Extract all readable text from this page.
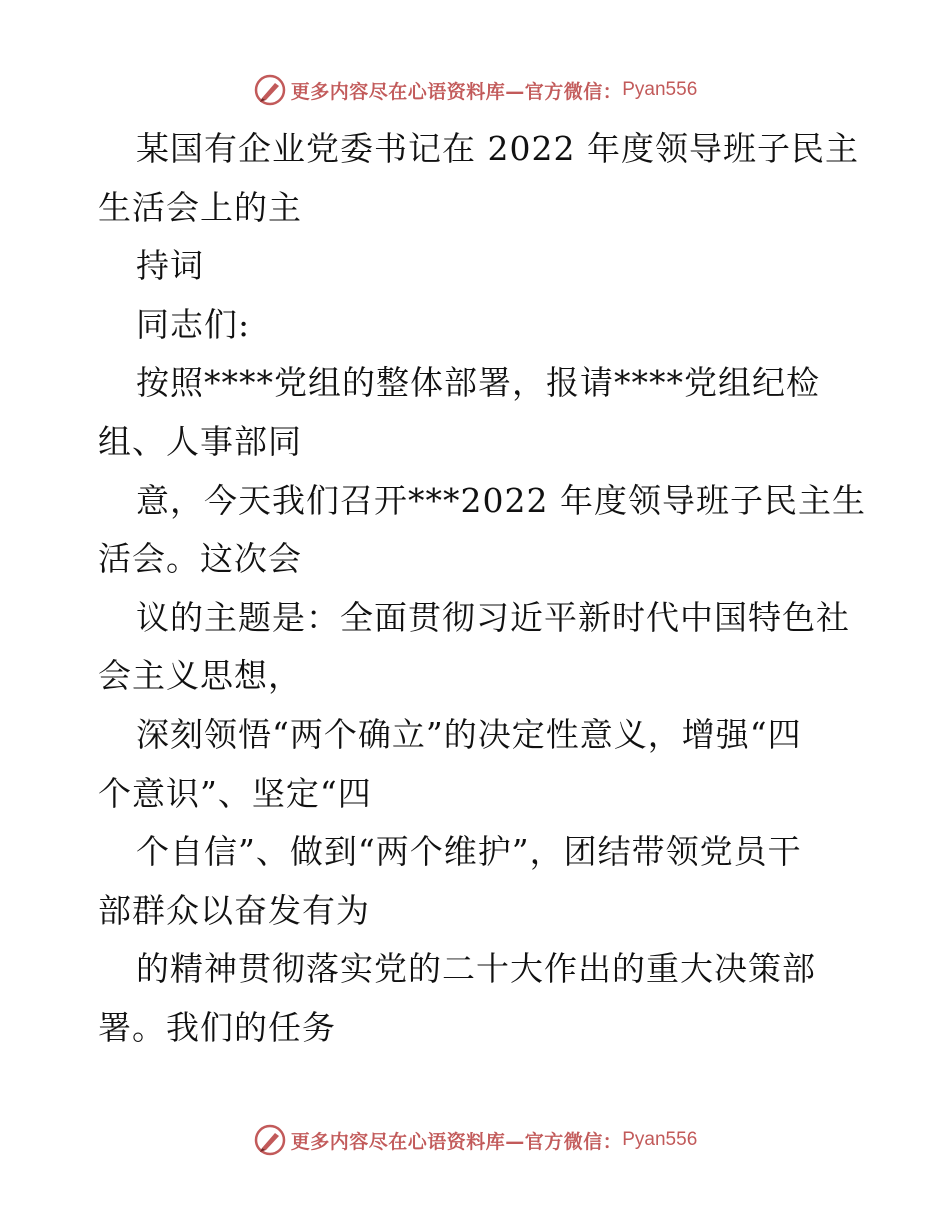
更多内容尽在心语资料库—官方微信： Pyan556
某国有企业党委书记在 2022 年度领导班子民主
生活会上的主
持词
同志们:
按照****党组的整体部署，报请****党组纪检
组、人事部同
意，今天我们召开***2022 年度领导班子民主生
活会。这次会
议的主题是：全面贯彻习近平新时代中国特色社
会主义思想，
深刻领悟“两个确立”的决定性意义，增强“四
个意识”、坚定“四
个自信”、做到“两个维护”，团结带领党员干
部群众以奋发有为
的精神贯彻落实党的二十大作出的重大决策部
署。我们的任务
更多内容尽在心语资料库—官方微信： Pyan556
